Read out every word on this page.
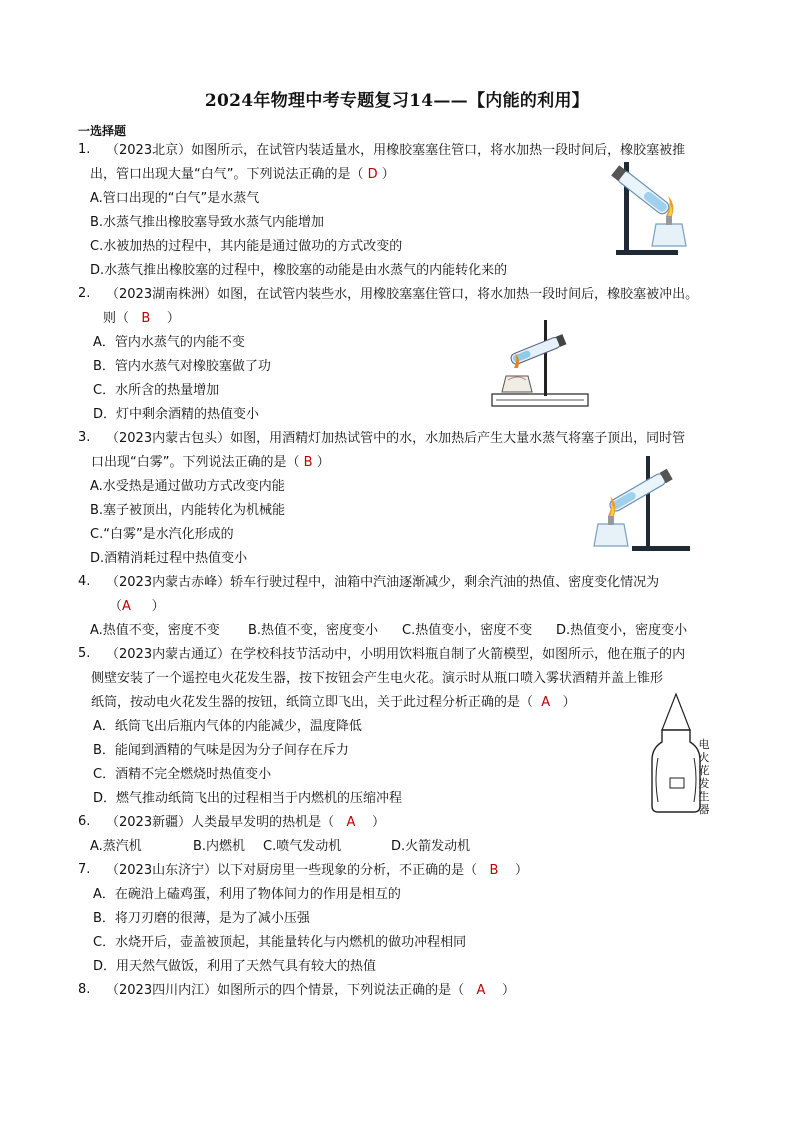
2024年物理中考专题复习14——【内能的利用】
一选择题
1. （2023北京）如图所示，在试管内装适量水，用橡胶塞塞住管口，将水加热一段时间后，橡胶塞被推
出，管口出现大量“白气”。下列说法正确的是（ D ）
A.管口出现的“白气”是水蒸气
B.水蒸气推出橡胶塞导致水蒸气内能增加
C.水被加热的过程中，其内能是通过做功的方式改变的
D.水蒸气推出橡胶塞的过程中，橡胶塞的动能是由水蒸气的内能转化来的
2. （2023湖南株洲）如图，在试管内装些水，用橡胶塞塞住管口，将水加热一段时间后，橡胶塞被冲出。
则（ B ）
A．管内水蒸气的内能不变
B．管内水蒸气对橡胶塞做了功
C．水所含的热量增加
D．灯中剩余酒精的热值变小
3. （2023内蒙古包头）如图，用酒精灯加热试管中的水，水加热后产生大量水蒸气将塞子顶出，同时管
口出现“白雾”。下列说法正确的是（ B ）
A.水受热是通过做功方式改变内能
B.塞子被顶出，内能转化为机械能
C.“白雾”是水汽化形成的
D.酒精消耗过程中热值变小
4. （2023内蒙古赤峰）轿车行驶过程中，油箱中汽油逐渐减少，剩余汽油的热值、密度变化情况为
（A ）
A.热值不变，密度不变 B.热值不变，密度变小 C.热值变小，密度不变 D.热值变小，密度变小
5. （2023内蒙古通辽）在学校科技节活动中，小明用饮料瓶自制了火箭模型，如图所示，他在瓶子的内
侧壁安装了一个遥控电火花发生器，按下按钮会产生电火花。演示时从瓶口喷入雾状酒精并盖上锥形
纸筒，按动电火花发生器的按钮，纸筒立即飞出，关于此过程分析正确的是（ A ）
A．纸筒飞出后瓶内气体的内能减少，温度降低
B．能闻到酒精的气味是因为分子间存在斥力
C．酒精不完全燃烧时热值变小
D．燃气推动纸筒飞出的过程相当于内燃机的压缩冲程
电火花发生器
6. （2023新疆）人类最早发明的热机是（ A ）
A.蒸汽机	B.内燃机 C.喷气发动机	D.火箭发动机
7. （2023山东济宁）以下对厨房里一些现象的分析，不正确的是（ B ）
A．在碗沿上磕鸡蛋，利用了物体间力的作用是相互的
B．将刀刃磨的很薄，是为了减小压强
C．水烧开后，壶盖被顶起，其能量转化与内燃机的做功冲程相同
D．用天然气做饭，利用了天然气具有较大的热值
8. （2023四川内江）如图所示的四个情景，下列说法正确的是（ A ）
